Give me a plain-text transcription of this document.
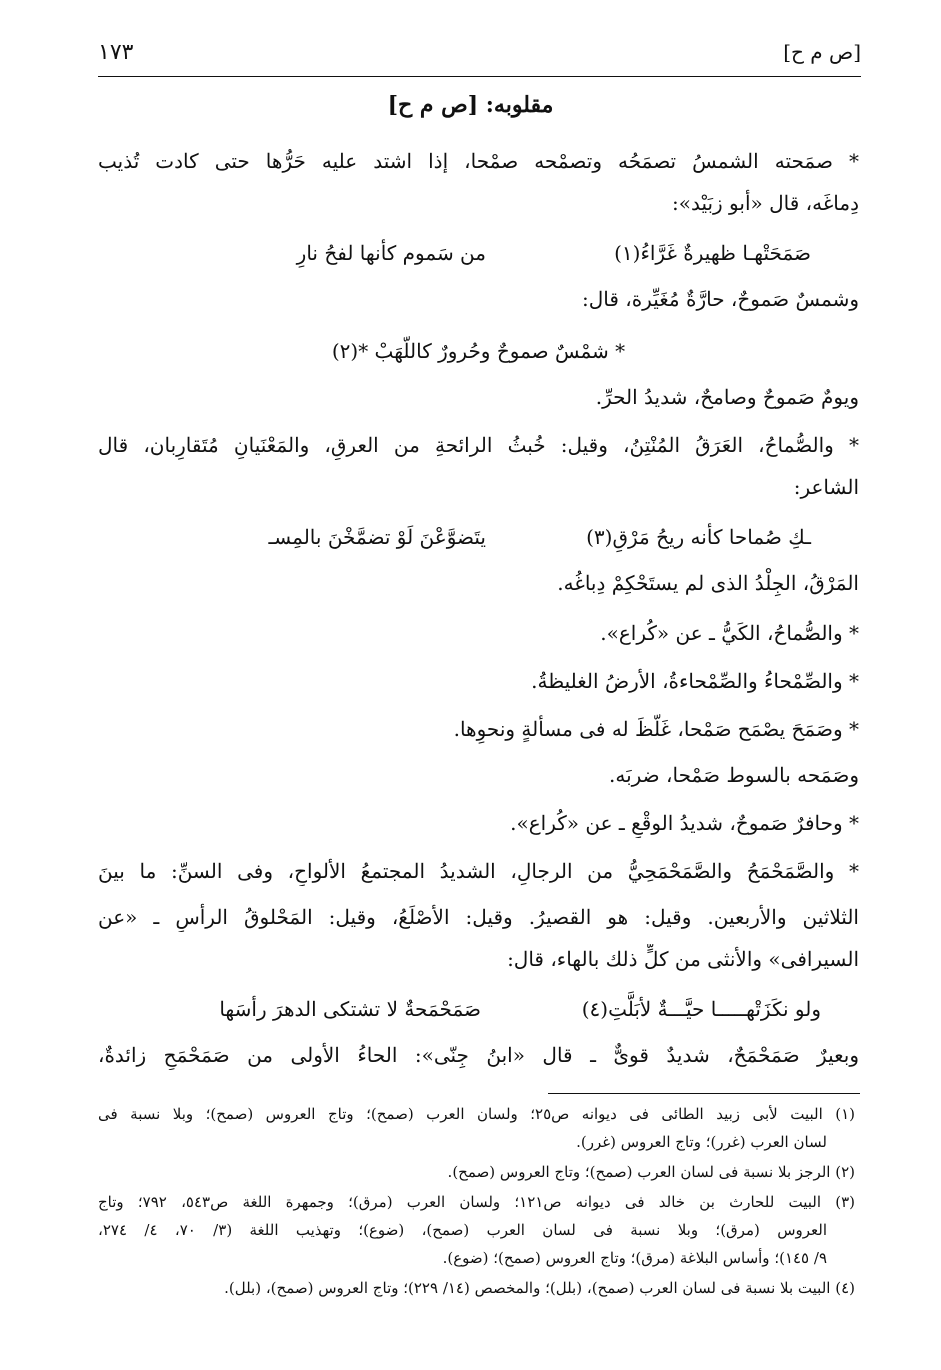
١٧٣	[ص م ح]
مقلوبه: [ص م ح]
* صمَحته الشمسُ تصمَحُه وتصمْحه صمْحا، إذا اشتد عليه حَرُّها حتى كادت تُذيب
دِماغَه، قال «أبو زبَيْد»:
من سَموم كأنها لفحُ نارِ	صَمَحَتْهـا ظهيرةٌ غَرَّاءُ(١)
وشمسٌ صَموحٌ، حارَّةٌ مُغَيِّرة، قال:
* شمْسٌ صموحٌ وحُرورٌ كاللَّهَبْ *(٢)
ويومٌ صَموحٌ وصامحٌ، شديدُ الحرِّ.
* والصُّماحُ، العَرَقُ المُنْتِنُ، وقيل: خُبثُ الرائحةِ من العرقِ، والمَعْنَيانِ مُتَقارِبان، قال
الشاعر:
يتَضوَّعْنَ لَوْ تضمَّخْنَ بالمِسـ	ـكِ صُماحا كأنه ريحُ مَرْقِ(٣)
المَرْقُ، الجِلْدُ الذى لم يستَحْكِمْ دِباغُه.
* والصُّماحُ، الكَيُّ ـ عن «كُراع».
* والصِّمْحاءُ والصِّمْحاءةُ، الأرضُ الغليظةُ.
* وصَمَحَ يصْمَح صَمْحا، غَلَّظَ له فى مسألةٍ ونحوِها.
وصَمَحه بالسوط صَمْحا، ضربَه.
* وحافرٌ صَموحٌ، شديدُ الوقْعِ ـ عن «كُراع».
* والصَّمَحْمَحُ والصَّمَحْمَحِيُّ من الرجالِ، الشديدُ المجتمعُ الألواحِ، وفى السنِّ: ما بينَ
الثلاثين والأربعين. وقيل: هو القصيرُ. وقيل: الأصْلَعُ، وقيل: المَحْلوقُ الرأسِ ـ «عن
السيرافى» والأنثى من كلٍّ ذلك بالهاء، قال:
ولو نكَزَتْهـــــا حيَّـــةٌ لأبَلَّتِ(٤)
صَمَحْمَحةٌ لا تشتكى الدهرَ رأسَها
وبعيرٌ صَمَحْمَحٌ، شديدٌ قوىٌّ ـ قال «ابنُ جِنّى»: الحاءُ الأولى من صَمَحْمَحٍ زائدةٌ،
(١) البيت لأبى زبيد الطائى فى ديوانه ص٢٥؛ ولسان العرب (صمح)؛ وتاج العروس (صمح)؛ وبلا نسبة فى
لسان العرب (غرر)؛ وتاج العروس (غرر).
(٢) الرجز بلا نسبة فى لسان العرب (صمح)؛ وتاج العروس (صمح).
(٣) البيت للحارث بن خالد فى ديوانه ص١٢١؛ ولسان العرب (مرق)؛ وجمهرة اللغة ص٥٤٣، ٧٩٢؛ وتاج
العروس (مرق)؛ وبلا نسبة فى لسان العرب (صمح)، (ضوع)؛ وتهذيب اللغة (٣/ ٧٠، ٤/ ٢٧٤،
٩/ ١٤٥)؛ وأساس البلاغة (مرق)؛ وتاج العروس (صمح)؛ (ضوع).
(٤) البيت بلا نسبة فى لسان العرب (صمح)، (بلل)؛ والمخصص (١٤/ ٢٢٩)؛ وتاج العروس (صمح)، (بلل).
